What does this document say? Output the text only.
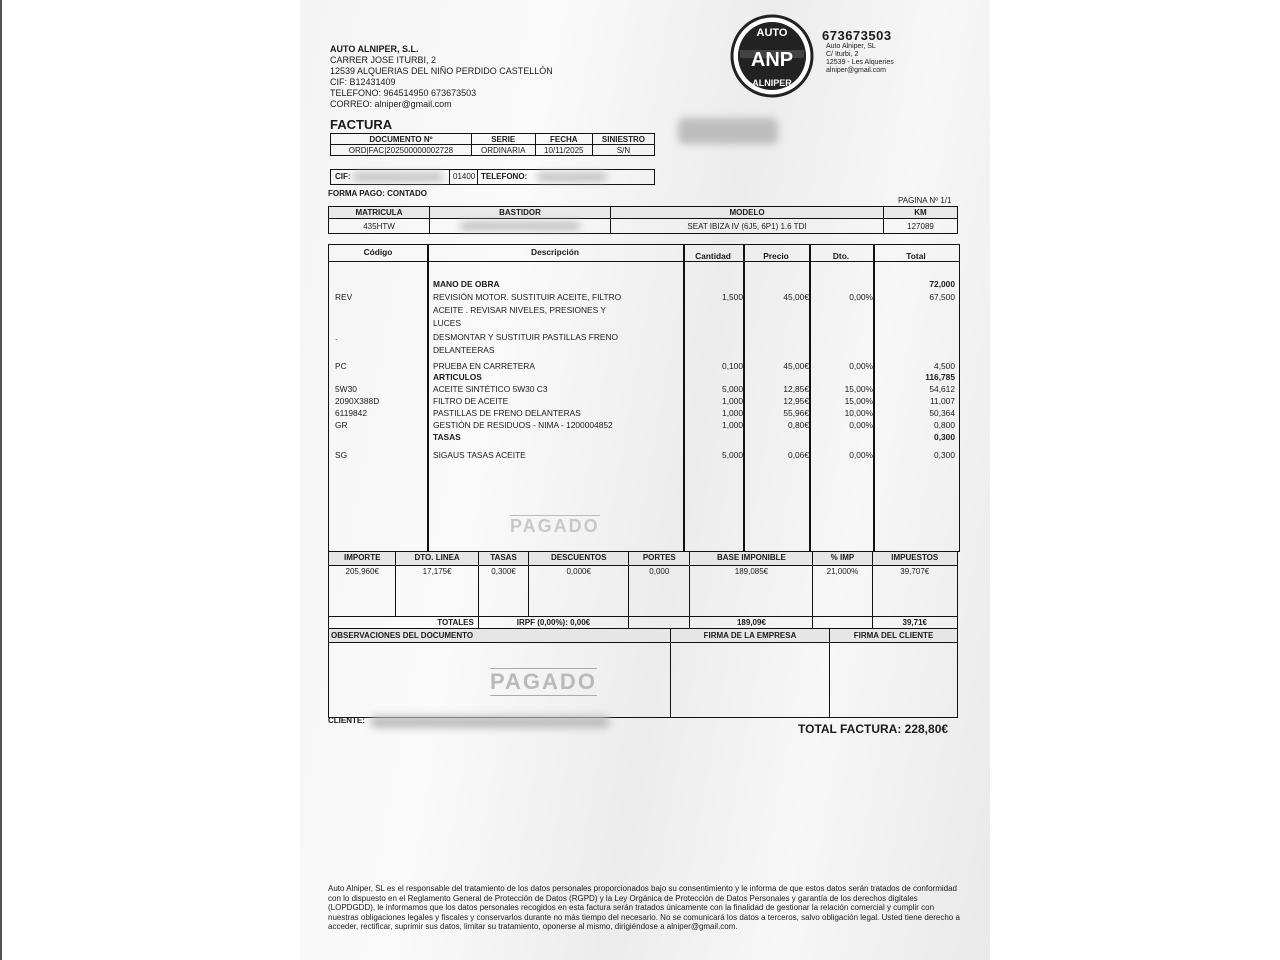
AUTO ALNIPER, S.L.
CARRER JOSE ITURBI, 2
12539 ALQUERIAS DEL NIÑO PERDIDO CASTELLÓN
CIF: B12431409
TELEFONO: 964514950 673673503
CORREO: alniper@gmail.com
AUTO
ANP
ALNIPER
673673503
Auto Alniper, SL
C/ Iturbi, 2
12539 - Les Alqueries
alniper@gmail.com
FACTURA
DOCUMENTO Nº	SERIE	FECHA	SINIESTRO
ORD|FAC|202500000002728	ORDINARIA	10/11/2025	S/N
CIF:	01400 TELEFONO:
FORMA PAGO: CONTADO
PAGINA Nº 1/1
MATRICULA	BASTIDOR	MODELO	KM
435HTW		SEAT IBIZA IV (6J5, 6P1) 1.6 TDI	127089
Código	Descripción	Cantidad	Precio	Dto.	Total
MANO DE OBRA	72,000
REV	REVISIÓN MOTOR. SUSTITUIR ACEITE, FILTRO	1,500	45,00€	0,00%	67,500
ACEITE . REVISAR NIVELES, PRESIONES Y
LUCES
.	DESMONTAR Y SUSTITUIR PASTILLAS FRENO
DELANTEERAS
PC	PRUEBA EN CARRETERA	0,100	45,00€	0,00%	4,500
ARTICULOS	116,785
5W30	ACEITE SINTÉTICO 5W30 C3	5,000	12,85€	15,00%	54,612
2090X388D	FILTRO DE ACEITE	1,000	12,95€	15,00%	11,007
6119842	PASTILLAS DE FRENO DELANTERAS	1,000	55,96€	10,00%	50,364
GR	GESTIÓN DE RESIDUOS - NIMA - 1200004852	1,000	0,80€	0,00%	0,800
TASAS	0,300
SG	SIGAUS TASAS ACEITE	5,000	0,06€	0,00%	0,300
PAGADO
IMPORTE	DTO. LINEA	TASAS	DESCUENTOS	PORTES	BASE IMPONIBLE	% IMP	IMPUESTOS
205,960€	17,175€	0,300€	0,000€	0,000	189,085€	21,000%	39,707€
TOTALES		IRPF (0,00%): 0,00€			189,09€		39,71€
OBSERVACIONES DEL DOCUMENTO	FIRMA DE LA EMPRESA	FIRMA DEL CLIENTE

PAGADO
CLIENTE:
TOTAL FACTURA: 228,80€
Auto Alniper, SL es el responsable del tratamiento de los datos personales proporcionados bajo su consentimiento y le informa de que estos datos serán tratados de conformidad con lo dispuesto en el Reglamento General de Protección de Datos (RGPD) y la Ley Orgánica de Protección de Datos Personales y garantía de los derechos digitales (LOPDGDD), le informamos que los datos personales recogidos en esta factura serán tratados únicamente con la finalidad de gestionar la relación comercial y cumplir con nuestras obligaciones legales y fiscales y conservarlos durante no más tiempo del necesario. No se comunicará los datos a terceros, salvo obligación legal. Usted tiene derecho a acceder, rectificar, suprimir sus datos, limitar su tratamiento, oponerse al mismo, dirigiéndose a alniper@gmail.com.
